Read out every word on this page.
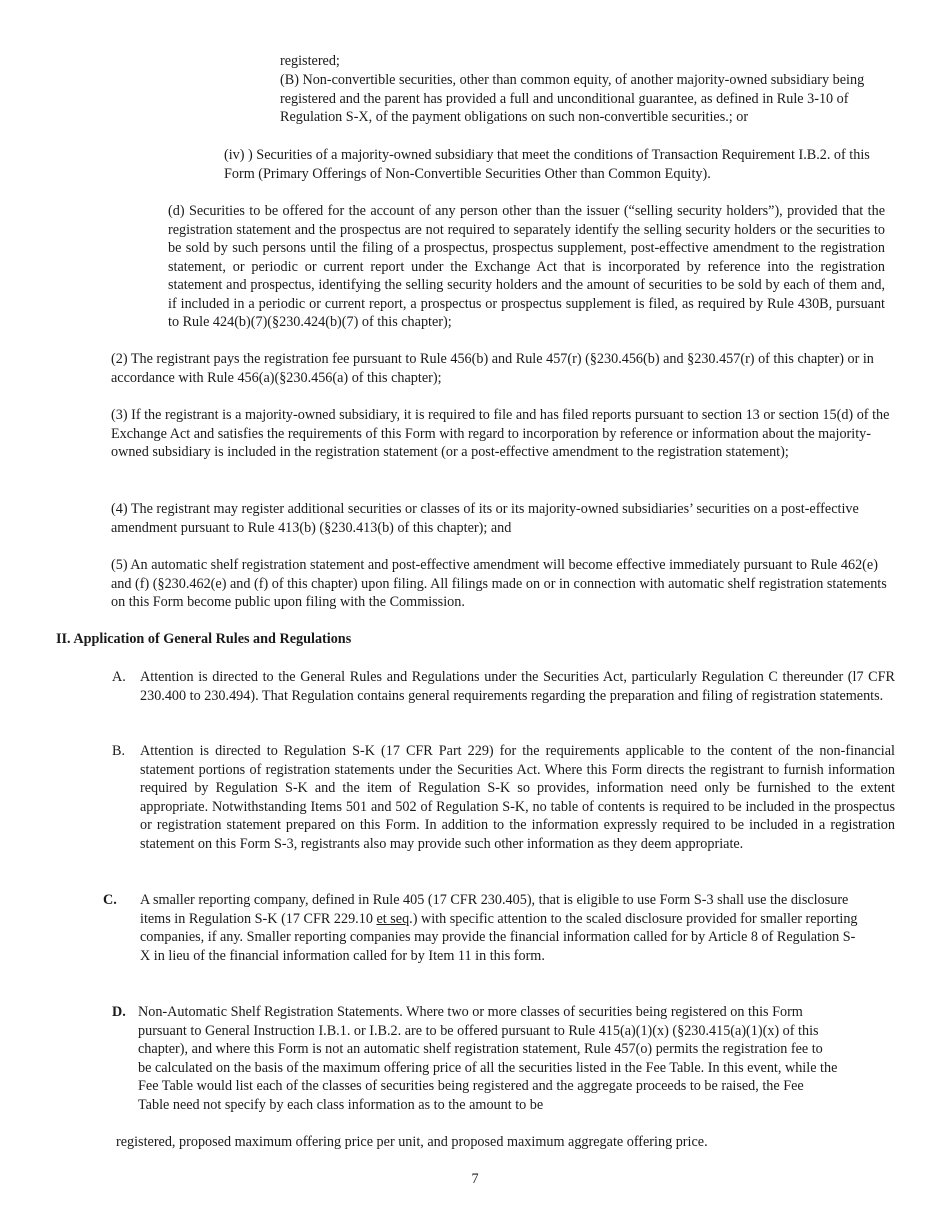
registered;

(B) Non-convertible securities, other than common equity, of another majority-owned subsidiary being registered and the parent has provided a full and unconditional guarantee, as defined in Rule 3-10 of Regulation S-X, of the payment obligations on such non-convertible securities.; or

(iv) ) Securities of a majority-owned subsidiary that meet the conditions of Transaction Requirement I.B.2. of this Form (Primary Offerings of Non-Convertible Securities Other than Common Equity).

(d) Securities to be offered for the account of any person other than the issuer (“selling security holders”), provided that the registration statement and the prospectus are not required to separately identify the selling security holders or the securities to be sold by such persons until the filing of a prospectus, prospectus supplement, post-effective amendment to the registration statement, or periodic or current report under the Exchange Act that is incorporated by reference into the registration statement and prospectus, identifying the selling security holders and the amount of securities to be sold by each of them and, if included in a periodic or current report, a prospectus or prospectus supplement is filed, as required by Rule 430B, pursuant to Rule 424(b)(7)(§230.424(b)(7) of this chapter);

(2) The registrant pays the registration fee pursuant to Rule 456(b) and Rule 457(r) (§230.456(b) and §230.457(r) of this chapter) or in accordance with Rule 456(a)(§230.456(a) of this chapter);

(3) If the registrant is a majority-owned subsidiary, it is required to file and has filed reports pursuant to section 13 or section 15(d) of the Exchange Act and satisfies the requirements of this Form with regard to incorporation by reference or information about the majority-owned subsidiary is included in the registration statement (or a post-effective amendment to the registration statement);

(4) The registrant may register additional securities or classes of its or its majority-owned subsidiaries’ securities on a post-effective amendment pursuant to Rule 413(b) (§230.413(b) of this chapter); and

(5) An automatic shelf registration statement and post-effective amendment will become effective immediately pursuant to Rule 462(e) and (f) (§230.462(e) and (f) of this chapter) upon filing. All filings made on or in connection with automatic shelf registration statements on this Form become public upon filing with the Commission.

II. Application of General Rules and Regulations

A. Attention is directed to the General Rules and Regulations under the Securities Act, particularly Regulation C thereunder (l7 CFR 230.400 to 230.494). That Regulation contains general requirements regarding the preparation and filing of registration statements.

B. Attention is directed to Regulation S-K (17 CFR Part 229) for the requirements applicable to the content of the non-financial statement portions of registration statements under the Securities Act. Where this Form directs the registrant to furnish information required by Regulation S-K and the item of Regulation S-K so provides, information need only be furnished to the extent appropriate. Notwithstanding Items 501 and 502 of Regulation S-K, no table of contents is required to be included in the prospectus or registration statement prepared on this Form. In addition to the information expressly required to be included in a registration statement on this Form S-3, registrants also may provide such other information as they deem appropriate.

C. A smaller reporting company, defined in Rule 405 (17 CFR 230.405), that is eligible to use Form S-3 shall use the disclosure items in Regulation S-K (17 CFR 229.10 et seq.) with specific attention to the scaled disclosure provided for smaller reporting companies, if any. Smaller reporting companies may provide the financial information called for by Article 8 of Regulation S-X in lieu of the financial information called for by Item 11 in this form.

D. Non-Automatic Shelf Registration Statements. Where two or more classes of securities being registered on this Form pursuant to General Instruction I.B.1. or I.B.2. are to be offered pursuant to Rule 415(a)(1)(x) (§230.415(a)(1)(x) of this chapter), and where this Form is not an automatic shelf registration statement, Rule 457(o) permits the registration fee to be calculated on the basis of the maximum offering price of all the securities listed in the Fee Table. In this event, while the Fee Table would list each of the classes of securities being registered and the aggregate proceeds to be raised, the Fee Table need not specify by each class information as to the amount to be

registered, proposed maximum offering price per unit, and proposed maximum aggregate offering price.

7
